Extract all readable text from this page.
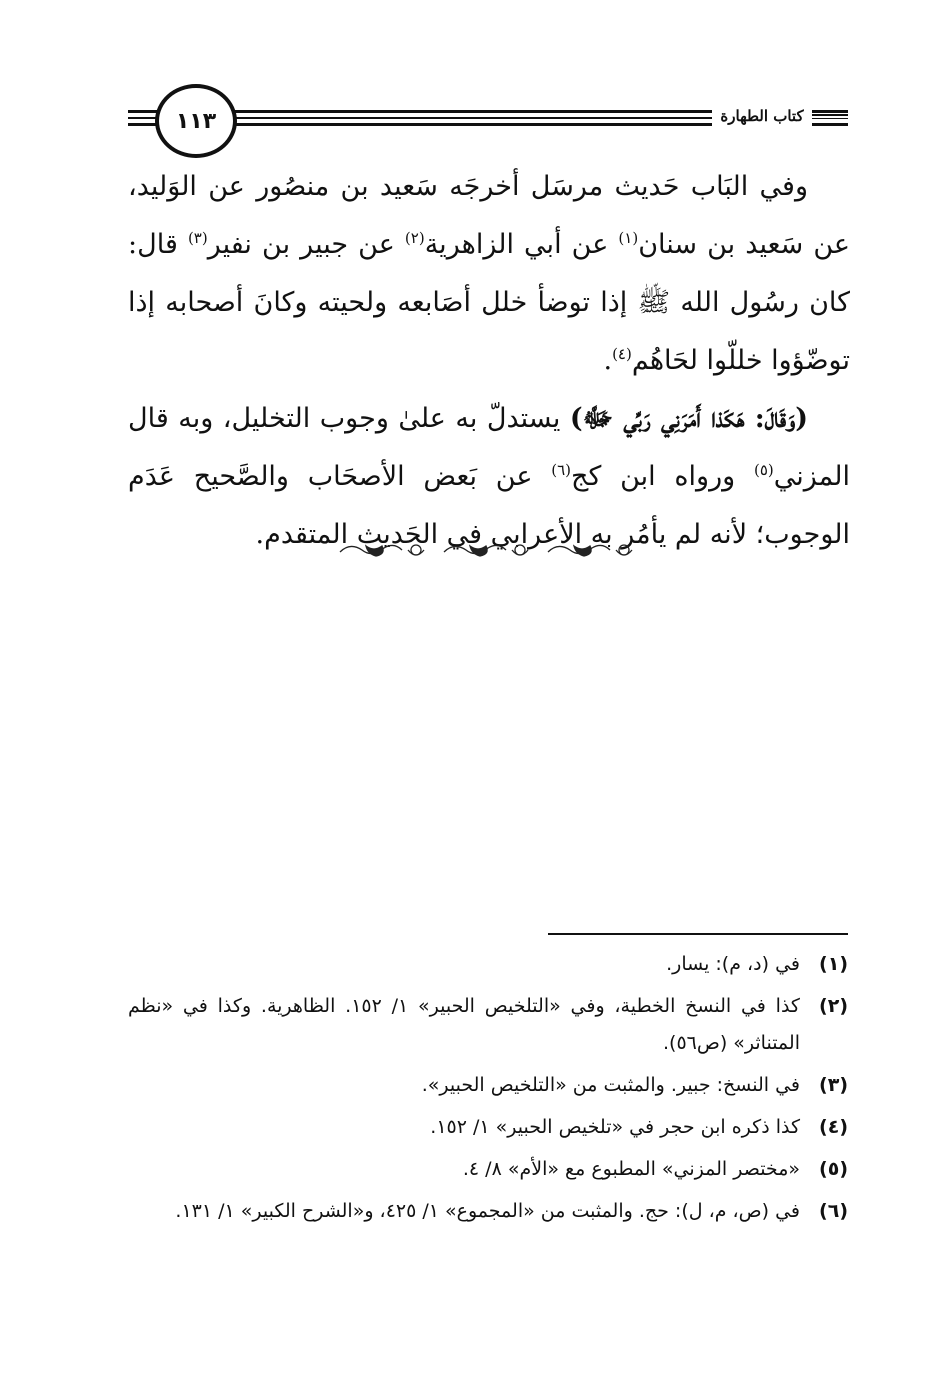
كتاب الطهارة
١١٣

وفي البَاب حَديث مرسَل أخرجَه سَعيد بن منصُور عن الوَليد، عن سَعيد بن سنان$^{(١)}$ عن أبي الزاهرية$^{(٢)}$ عن جبير بن نفير$^{(٣)}$ قال: كان رسُول الله ﷺ إذا توضأ خلل أصَابعه ولحيته وكانَ أصحابه إذا توضّؤوا خللّوا لحَاهُم$^{(٤)}$.

(وَقَالَ: هَكَذا أَمَرَنِي رَبِّي ﷻ) يستدلّ به علىٰ وجوب التخليل، وبه قال المزني$^{(٥)}$ ورواه ابن كج$^{(٦)}$ عن بَعض الأصحَاب والصَّحيح عَدَم الوجوب؛ لأنه لم يأمُر به الأعرابي في الحَديث المتقدم.

(١)
في (د، م): يسار.
(٢)
كذا في النسخ الخطية، وفي «التلخيص الحبير» ١/ ١٥٢. الظاهرية. وكذا في «نظم المتناثر» (ص٥٦).
(٣)
في النسخ: جبير. والمثبت من «التلخيص الحبير».
(٤)
كذا ذكره ابن حجر في «تلخيص الحبير» ١/ ١٥٢.
(٥)
«مختصر المزني» المطبوع مع «الأم» ٨/ ٤.
(٦)
في (ص، م، ل): حج. والمثبت من «المجموع» ١/ ٤٢٥، و«الشرح الكبير» ١/ ١٣١.
